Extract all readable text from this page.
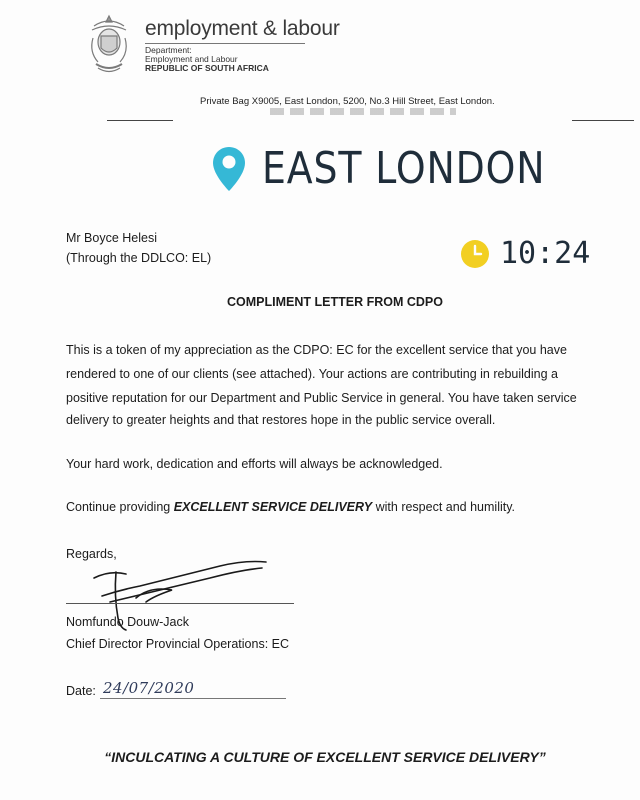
employment & labour
Department:
Employment and Labour
REPUBLIC OF SOUTH AFRICA
Private Bag X9005, East London, 5200, No.3 Hill Street, East London.
EAST LONDON
Mr Boyce Helesi
(Through the DDLCO: EL)	10:24
COMPLIMENT LETTER FROM CDPO
This is a token of my appreciation as the CDPO: EC for the excellent service that you have
rendered to one of our clients (see attached). Your actions are contributing in rebuilding a
positive reputation for our Department and Public Service in general. You have taken service
delivery to greater heights and that restores hope in the public service overall.
Your hard work, dedication and efforts will always be acknowledged.
Continue providing EXCELLENT SERVICE DELIVERY with respect and humility.
Regards,
Nomfundo Douw-Jack
Chief Director Provincial Operations: EC
Date: 24/07/2020
“INCULCATING A CULTURE OF EXCELLENT SERVICE DELIVERY”
